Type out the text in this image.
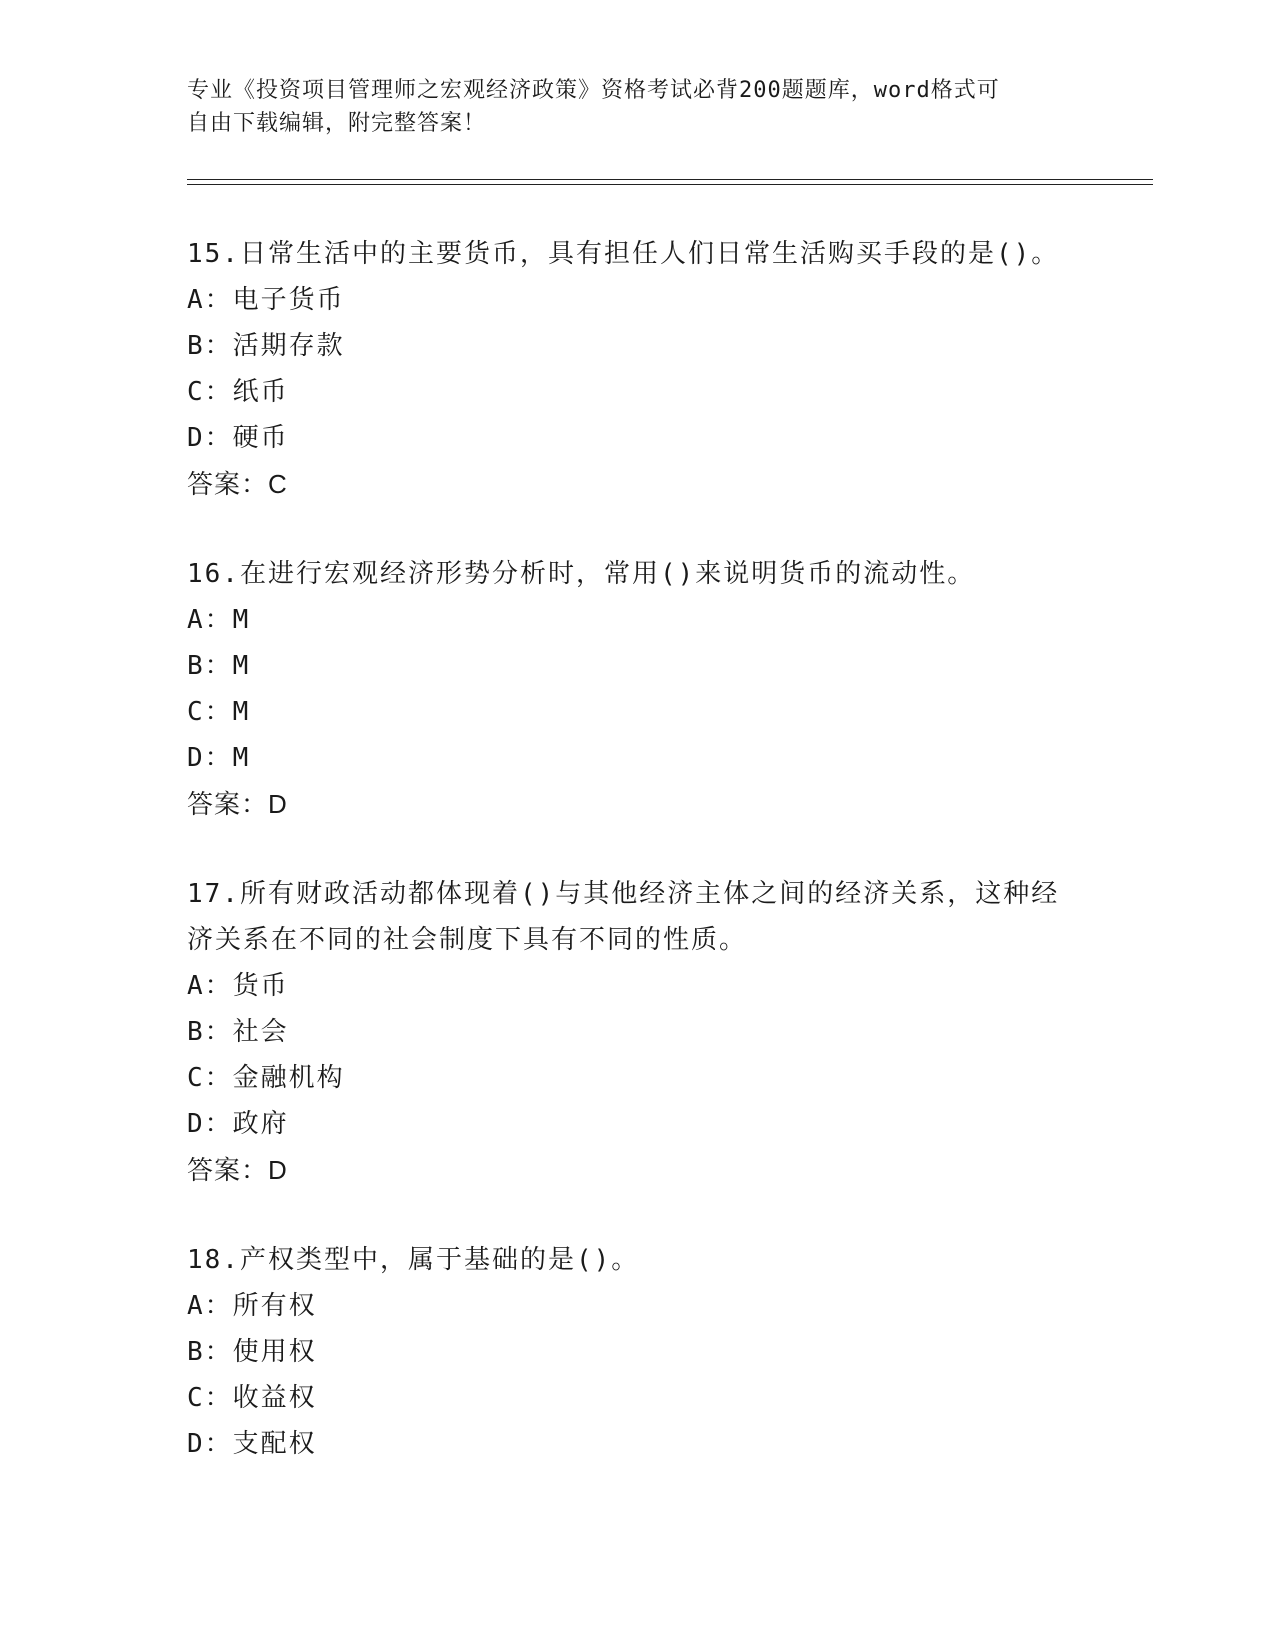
专业《投资项目管理师之宏观经济政策》资格考试必背200题题库，word格式可
自由下载编辑，附完整答案！
15.日常生活中的主要货币，具有担任人们日常生活购买手段的是()。
A：电子货币
B：活期存款
C：纸币
D：硬币
答案：C
16.在进行宏观经济形势分析时，常用()来说明货币的流动性。
A：M
B：M
C：M
D：M
答案：D
17.所有财政活动都体现着()与其他经济主体之间的经济关系，这种经
济关系在不同的社会制度下具有不同的性质。
A：货币
B：社会
C：金融机构
D：政府
答案：D
18.产权类型中，属于基础的是()。
A：所有权
B：使用权
C：收益权
D：支配权
